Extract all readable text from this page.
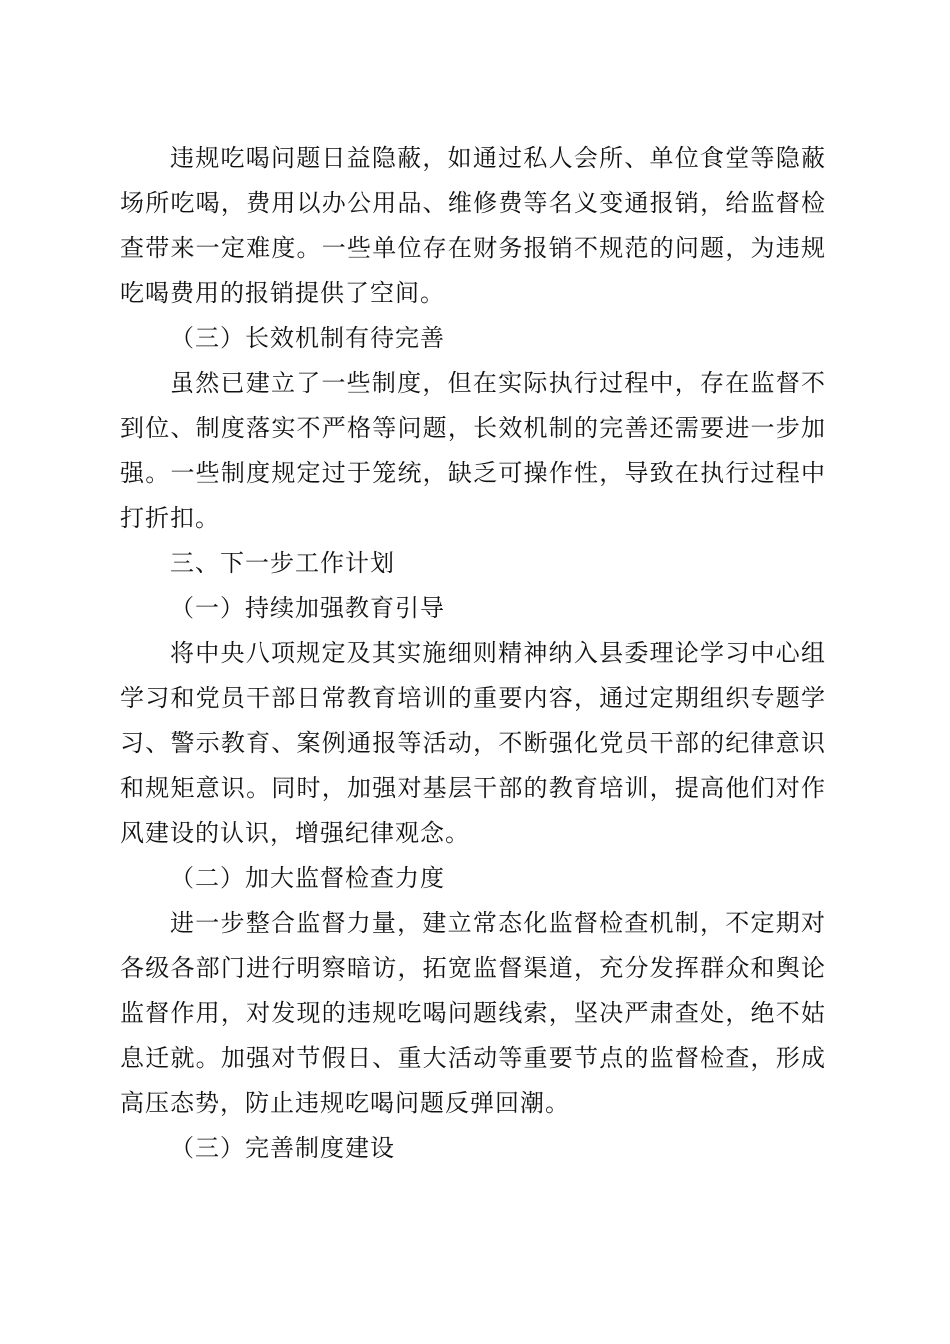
违规吃喝问题日益隐蔽，如通过私人会所、单位食堂等隐蔽场所吃喝，费用以办公用品、维修费等名义变通报销，给监督检查带来一定难度。一些单位存在财务报销不规范的问题，为违规吃喝费用的报销提供了空间。

（三）长效机制有待完善

虽然已建立了一些制度，但在实际执行过程中，存在监督不到位、制度落实不严格等问题，长效机制的完善还需要进一步加强。一些制度规定过于笼统，缺乏可操作性，导致在执行过程中打折扣。

三、下一步工作计划

（一）持续加强教育引导

将中央八项规定及其实施细则精神纳入县委理论学习中心组学习和党员干部日常教育培训的重要内容，通过定期组织专题学习、警示教育、案例通报等活动，不断强化党员干部的纪律意识和规矩意识。同时，加强对基层干部的教育培训，提高他们对作风建设的认识，增强纪律观念。

（二）加大监督检查力度

进一步整合监督力量，建立常态化监督检查机制，不定期对各级各部门进行明察暗访，拓宽监督渠道，充分发挥群众和舆论监督作用，对发现的违规吃喝问题线索，坚决严肃查处，绝不姑息迁就。加强对节假日、重大活动等重要节点的监督检查，形成高压态势，防止违规吃喝问题反弹回潮。

（三）完善制度建设
